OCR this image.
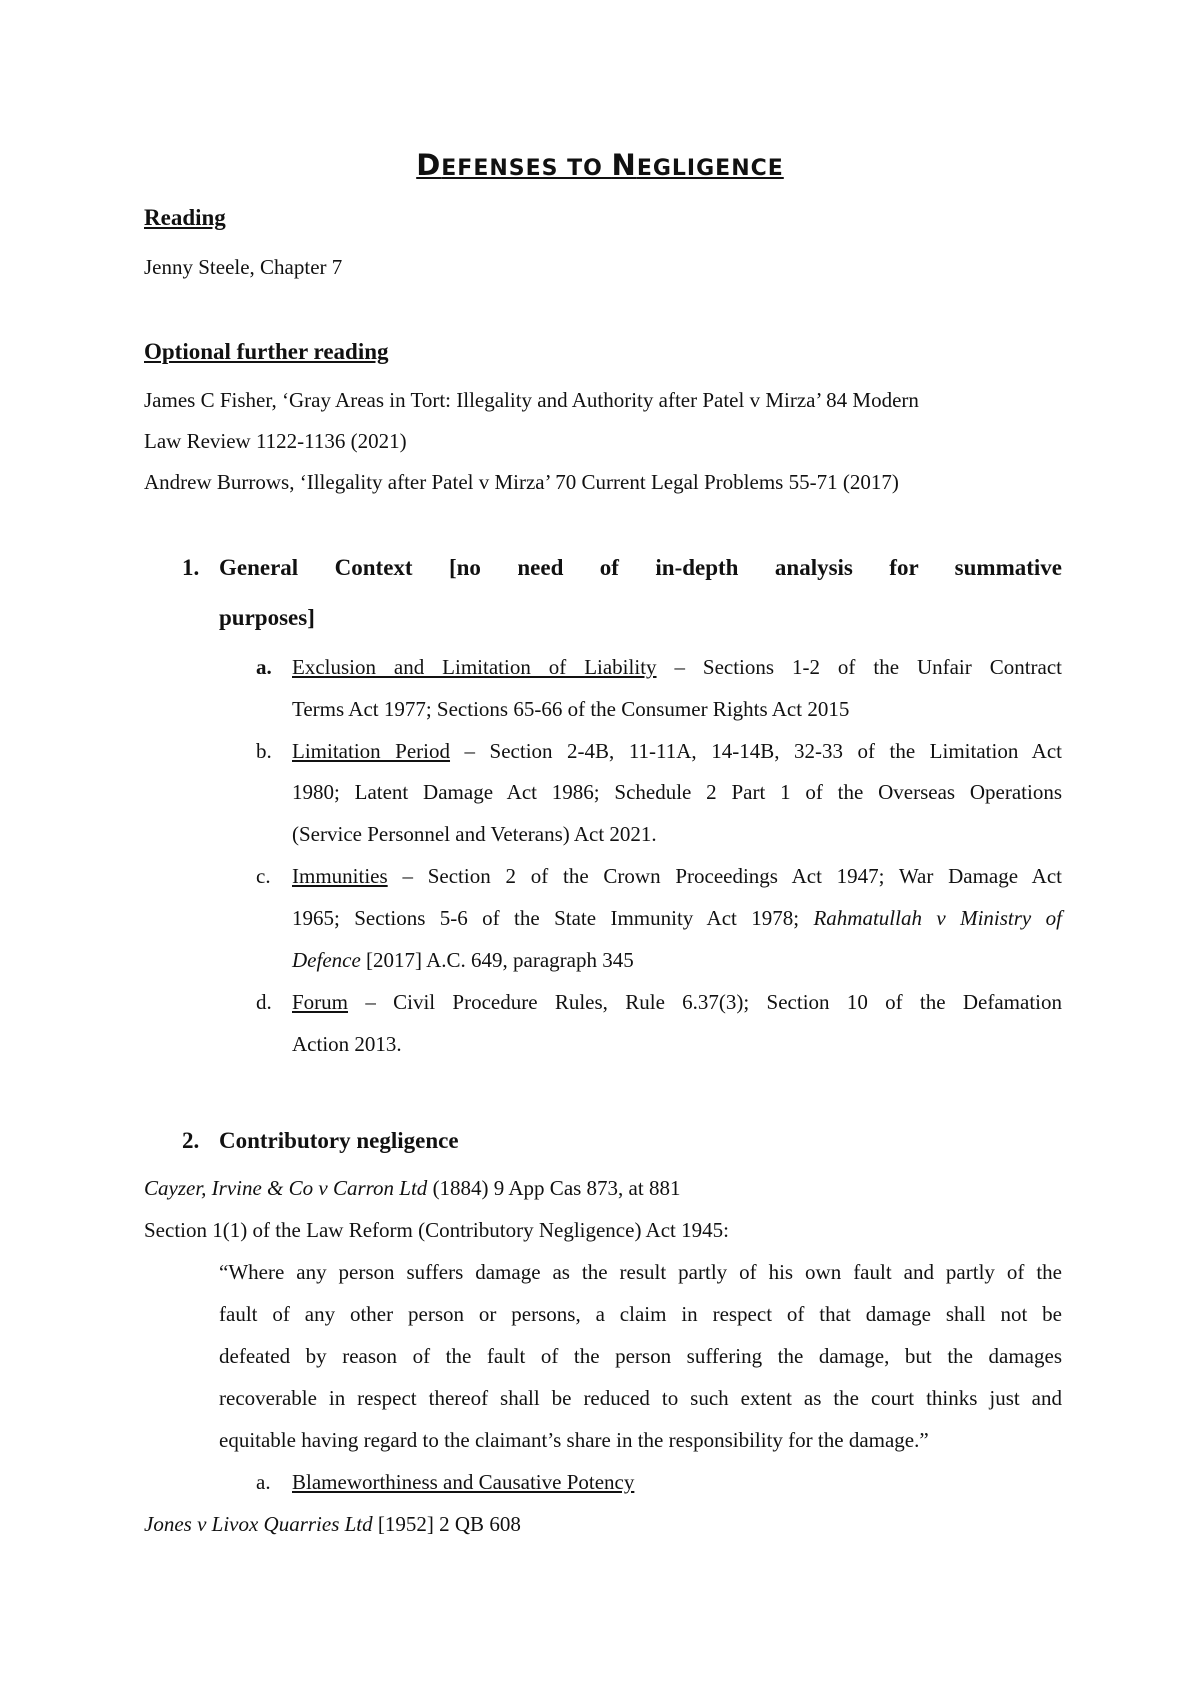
DEFENSES TO NEGLIGENCE
Reading
Jenny Steele, Chapter 7
Optional further reading
James C Fisher, ‘Gray Areas in Tort: Illegality and Authority after Patel v Mirza’ 84 Modern
Law Review 1122-1136 (2021)
Andrew Burrows, ‘Illegality after Patel v Mirza’ 70 Current Legal Problems 55-71 (2017)
1. General Context [no need of in-depth analysis for summative
purposes]
a. Exclusion and Limitation of Liability – Sections 1-2 of the Unfair Contract
Terms Act 1977; Sections 65-66 of the Consumer Rights Act 2015
b. Limitation Period – Section 2-4B, 11-11A, 14-14B, 32-33 of the Limitation Act
1980; Latent Damage Act 1986; Schedule 2 Part 1 of the Overseas Operations
(Service Personnel and Veterans) Act 2021.
c. Immunities – Section 2 of the Crown Proceedings Act 1947; War Damage Act
1965; Sections 5-6 of the State Immunity Act 1978; Rahmatullah v Ministry of
Defence [2017] A.C. 649, paragraph 345
d. Forum – Civil Procedure Rules, Rule 6.37(3); Section 10 of the Defamation
Action 2013.
2. Contributory negligence
Cayzer, Irvine & Co v Carron Ltd (1884) 9 App Cas 873, at 881
Section 1(1) of the Law Reform (Contributory Negligence) Act 1945:
“Where any person suffers damage as the result partly of his own fault and partly of the
fault of any other person or persons, a claim in respect of that damage shall not be
defeated by reason of the fault of the person suffering the damage, but the damages
recoverable in respect thereof shall be reduced to such extent as the court thinks just and
equitable having regard to the claimant’s share in the responsibility for the damage.”
a. Blameworthiness and Causative Potency
Jones v Livox Quarries Ltd [1952] 2 QB 608
